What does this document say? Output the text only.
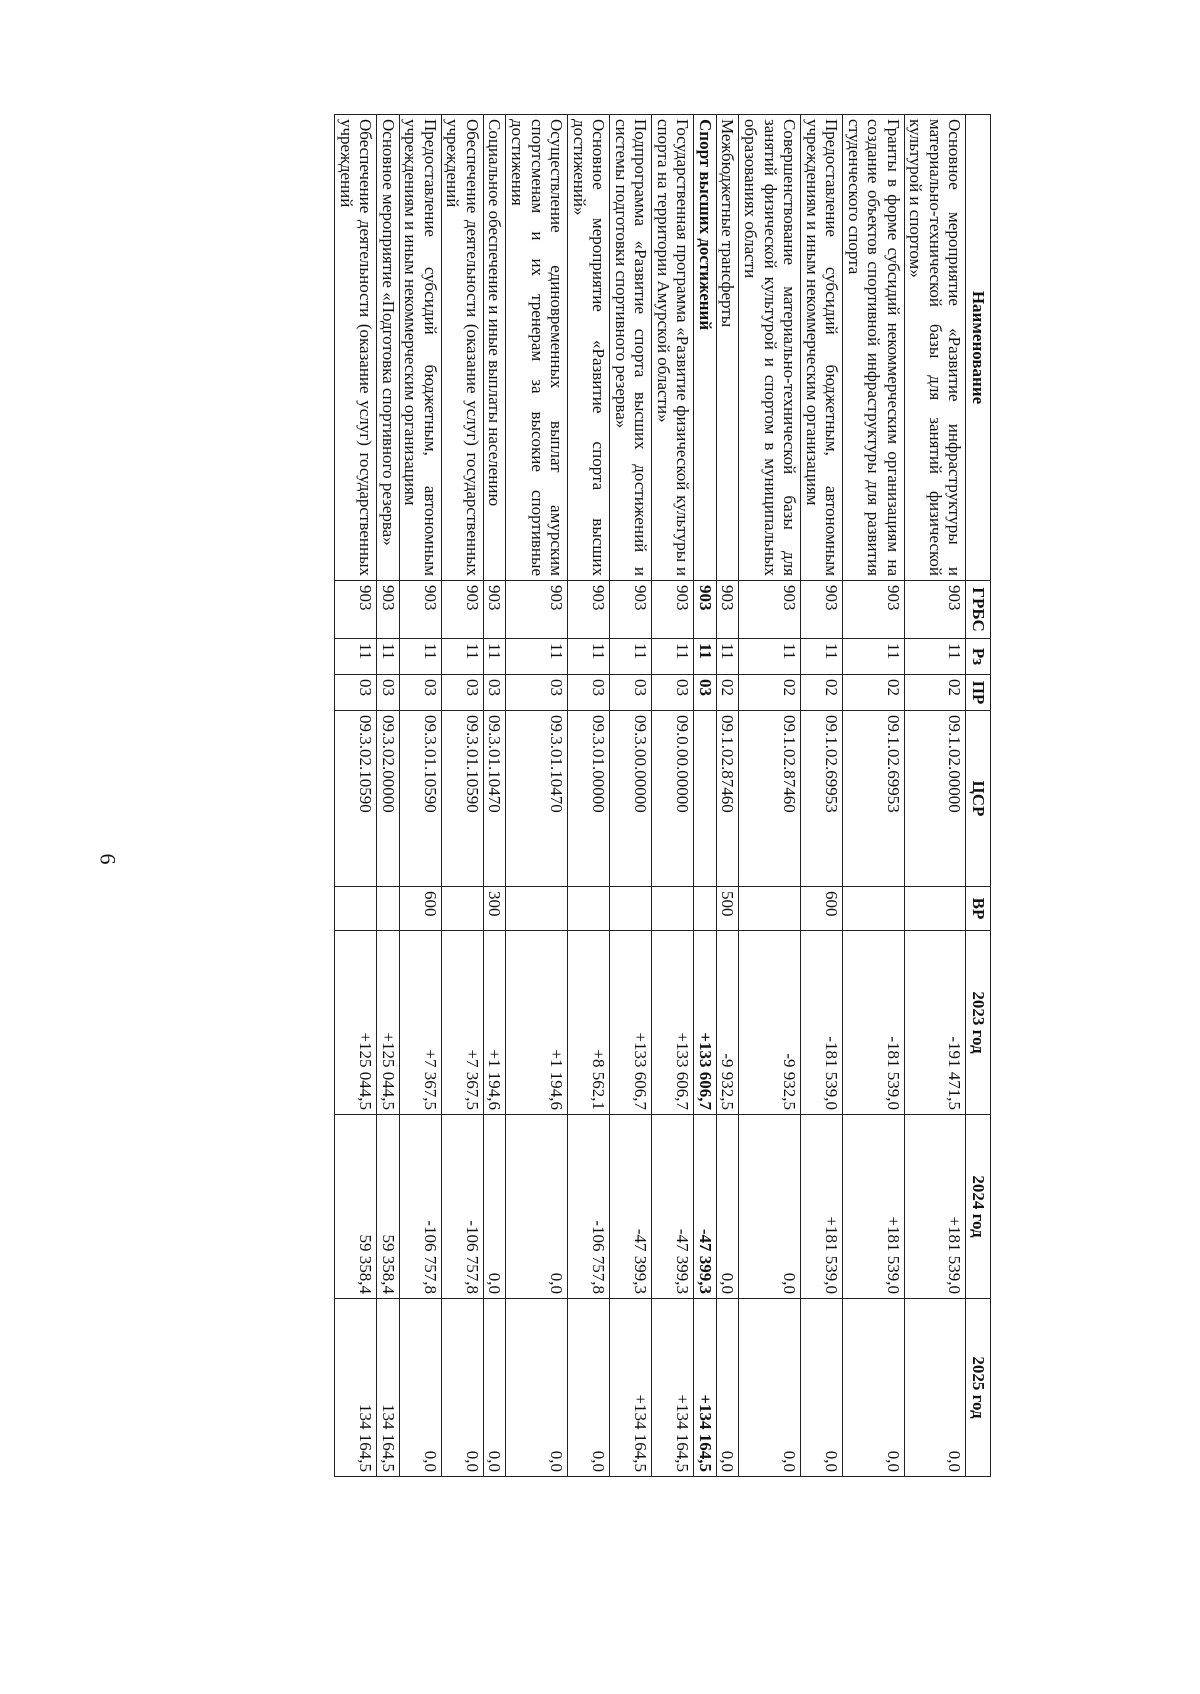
6
Наименование	ГРБС	Рз	ПР	ЦСР	ВР	2023 год	2024 год	2025 год
Основное мероприятие «Развитие инфраструктуры и материально-технической базы для занятий физической культурой и спортом»	903	11	02	09.1.02.00000		-191 471,5	+181 539,0	0,0
Гранты в форме субсидий некоммерческим организациям на создание объектов спортивной инфраструктуры для развития студенческого спорта	903	11	02	09.1.02.69953		-181 539,0	+181 539,0	0,0
Предоставление субсидий бюджетным, автономным учреждениям и иным некоммерческим организациям	903	11	02	09.1.02.69953	600	-181 539,0	+181 539,0	0,0
Совершенствование материально-технической базы для занятий физической культурой и спортом в муниципальных образованиях области	903	11	02	09.1.02.87460		-9 932,5	0,0	0,0
Межбюджетные трансферты	903	11	02	09.1.02.87460	500	-9 932,5	0,0	0,0
Спорт высших достижений	903	11	03			+133 606,7	-47 399,3	+134 164,5
Государственная программа «Развитие физической культуры и спорта на территории Амурской области»	903	11	03	09.0.00.00000		+133 606,7	-47 399,3	+134 164,5
Подпрограмма «Развитие спорта высших достижений и системы подготовки спортивного резерва»	903	11	03	09.3.00.00000		+133 606,7	-47 399,3	+134 164,5
Основное мероприятие «Развитие спорта высших достижений»	903	11	03	09.3.01.00000		+8 562,1	-106 757,8	0,0
Осуществление единовременных выплат амурским спортсменам и их тренерам за высокие спортивные достижения	903	11	03	09.3.01.10470		+1 194,6	0,0	0,0
Социальное обеспечение и иные выплаты населению	903	11	03	09.3.01.10470	300	+1 194,6	0,0	0,0
Обеспечение деятельности (оказание услуг) государственных учреждений	903	11	03	09.3.01.10590		+7 367,5	-106 757,8	0,0
Предоставление субсидий бюджетным, автономным учреждениям и иным некоммерческим организациям	903	11	03	09.3.01.10590	600	+7 367,5	-106 757,8	0,0
Основное мероприятие «Подготовка спортивного резерва»	903	11	03	09.3.02.00000		+125 044,5	59 358,4	134 164,5
Обеспечение деятельности (оказание услуг) государственных учреждений	903	11	03	09.3.02.10590		+125 044,5	59 358,4	134 164,5
